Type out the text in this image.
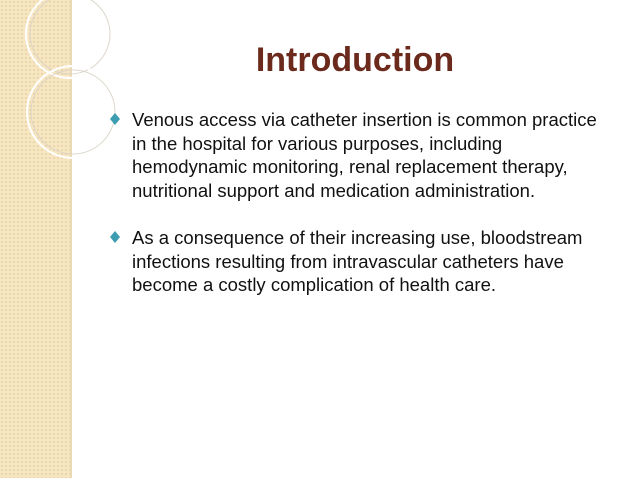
Introduction
Venous access via catheter insertion is common practice in the hospital for various purposes, including hemodynamic monitoring, renal replacement therapy, nutritional support and medication administration.
As a consequence of their increasing use, bloodstream infections resulting from intravascular catheters have become a costly complication of health care.
